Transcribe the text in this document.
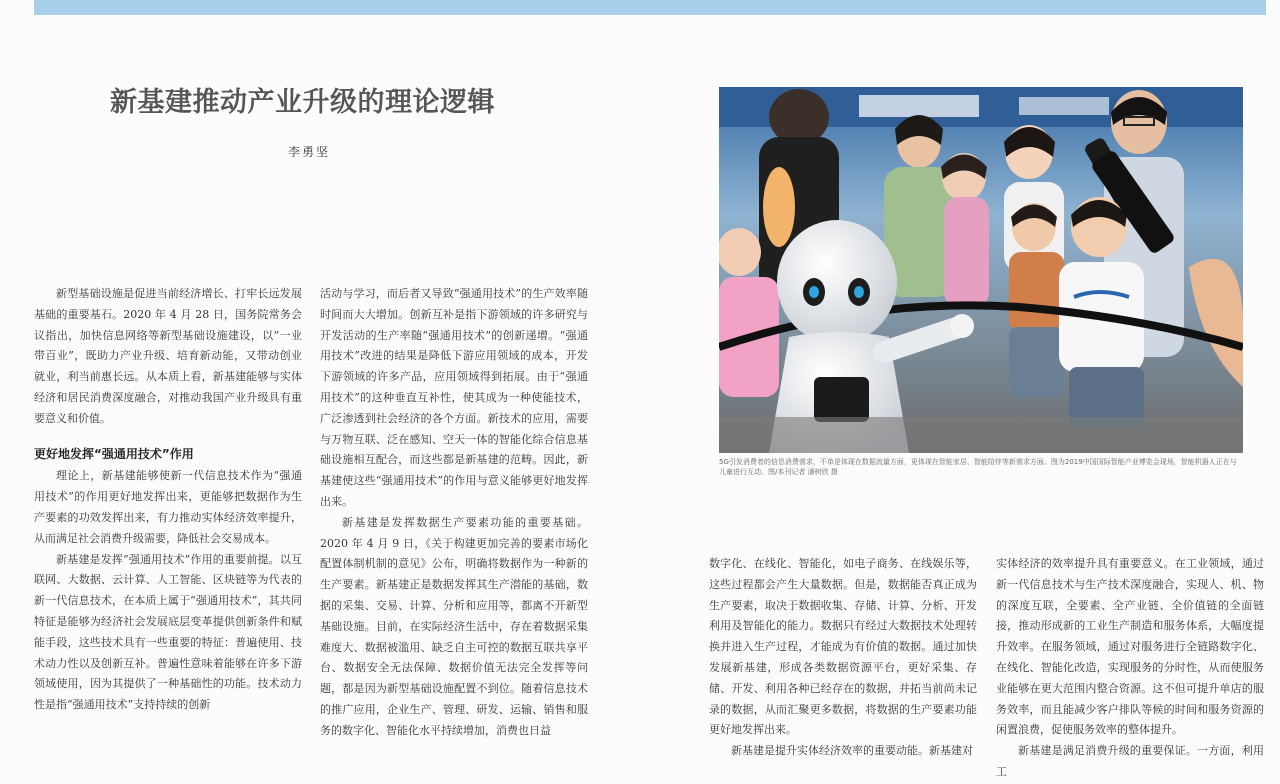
新基建推动产业升级的理论逻辑
李勇坚

新型基础设施是促进当前经济增长、打牢长远发展基础的重要基石。2020 年 4 月 28 日，国务院常务会议指出，加快信息网络等新型基础设施建设，以“一业带百业”，既助力产业升级、培育新动能，又带动创业就业，利当前惠长远。从本质上看，新基建能够与实体经济和居民消费深度融合，对推动我国产业升级具有重要意义和价值。

更好地发挥“强通用技术”作用

理论上，新基建能够使新一代信息技术作为“强通用技术”的作用更好地发挥出来，更能够把数据作为生产要素的功效发挥出来，有力推动实体经济效率提升，从而满足社会消费升级需要，降低社会交易成本。

新基建是发挥“强通用技术”作用的重要前提。以互联网、大数据、云计算、人工智能、区块链等为代表的新一代信息技术，在本质上属于“强通用技术”，其共同特征是能够为经济社会发展底层变革提供创新条件和赋能手段，这些技术具有一些重要的特征：普遍使用、技术动力性以及创新互补。普遍性意味着能够在许多下游领域使用，因为其提供了一种基础性的功能。技术动力性是指“强通用技术”支持持续的创新

活动与学习，而后者又导致“强通用技术”的生产效率随时间而大大增加。创新互补是指下游领域的许多研究与开发活动的生产率随“强通用技术”的创新递增。“强通用技术”改进的结果是降低下游应用领域的成本，开发下游领域的许多产品，应用领域得到拓展。由于“强通用技术”的这种垂直互补性，使其成为一种使能技术，广泛渗透到社会经济的各个方面。新技术的应用，需要与万物互联、泛在感知、空天一体的智能化综合信息基础设施相互配合，而这些都是新基建的范畴。因此，新基建使这些“强通用技术”的作用与意义能够更好地发挥出来。

新基建是发挥数据生产要素功能的重要基础。2020 年 4 月 9 日，《关于构建更加完善的要素市场化配置体制机制的意见》公布，明确将数据作为一种新的生产要素。新基建正是数据发挥其生产潜能的基础，数据的采集、交易、计算、分析和应用等，都离不开新型基础设施。目前，在实际经济生活中，存在着数据采集难度大、数据被滥用、缺乏自主可控的数据互联共享平台、数据安全无法保障、数据价值无法完全发挥等问题，都是因为新型基础设施配置不到位。随着信息技术的推广应用，企业生产、管理、研发、运输、销售和服务的数字化、智能化水平持续增加，消费也日益

5G引发消费者的信息消费需求，不单是体现在数据流量方面，更体现在智能家居、智能陪伴等新需求方面。图为2019中国国际智能产业博览会现场，智能机器人正在与儿童进行互动。图/本刊记者 潘树欣 摄

数字化、在线化、智能化，如电子商务、在线娱乐等，这些过程都会产生大量数据。但是，数据能否真正成为生产要素，取决于数据收集、存储、计算、分析、开发利用及智能化的能力。数据只有经过大数据技术处理转换并进入生产过程，才能成为有价值的数据。通过加快发展新基建，形成各类数据资源平台，更好采集、存储、开发、利用各种已经存在的数据，并拓当前尚未记录的数据，从而汇聚更多数据，将数据的生产要素功能更好地发挥出来。

新基建是提升实体经济效率的重要动能。新基建对

实体经济的效率提升具有重要意义。在工业领域，通过新一代信息技术与生产技术深度融合，实现人、机、物的深度互联，全要素、全产业链、全价值链的全面链接，推动形成新的工业生产制造和服务体系，大幅度提升效率。在服务领域，通过对服务进行全链路数字化、在线化、智能化改造，实现服务的分时性，从而使服务业能够在更大范围内整合资源。这不但可提升单店的服务效率，而且能减少客户排队等候的时间和服务资源的闲置浪费，促使服务效率的整体提升。

新基建是满足消费升级的重要保证。一方面，利用工
